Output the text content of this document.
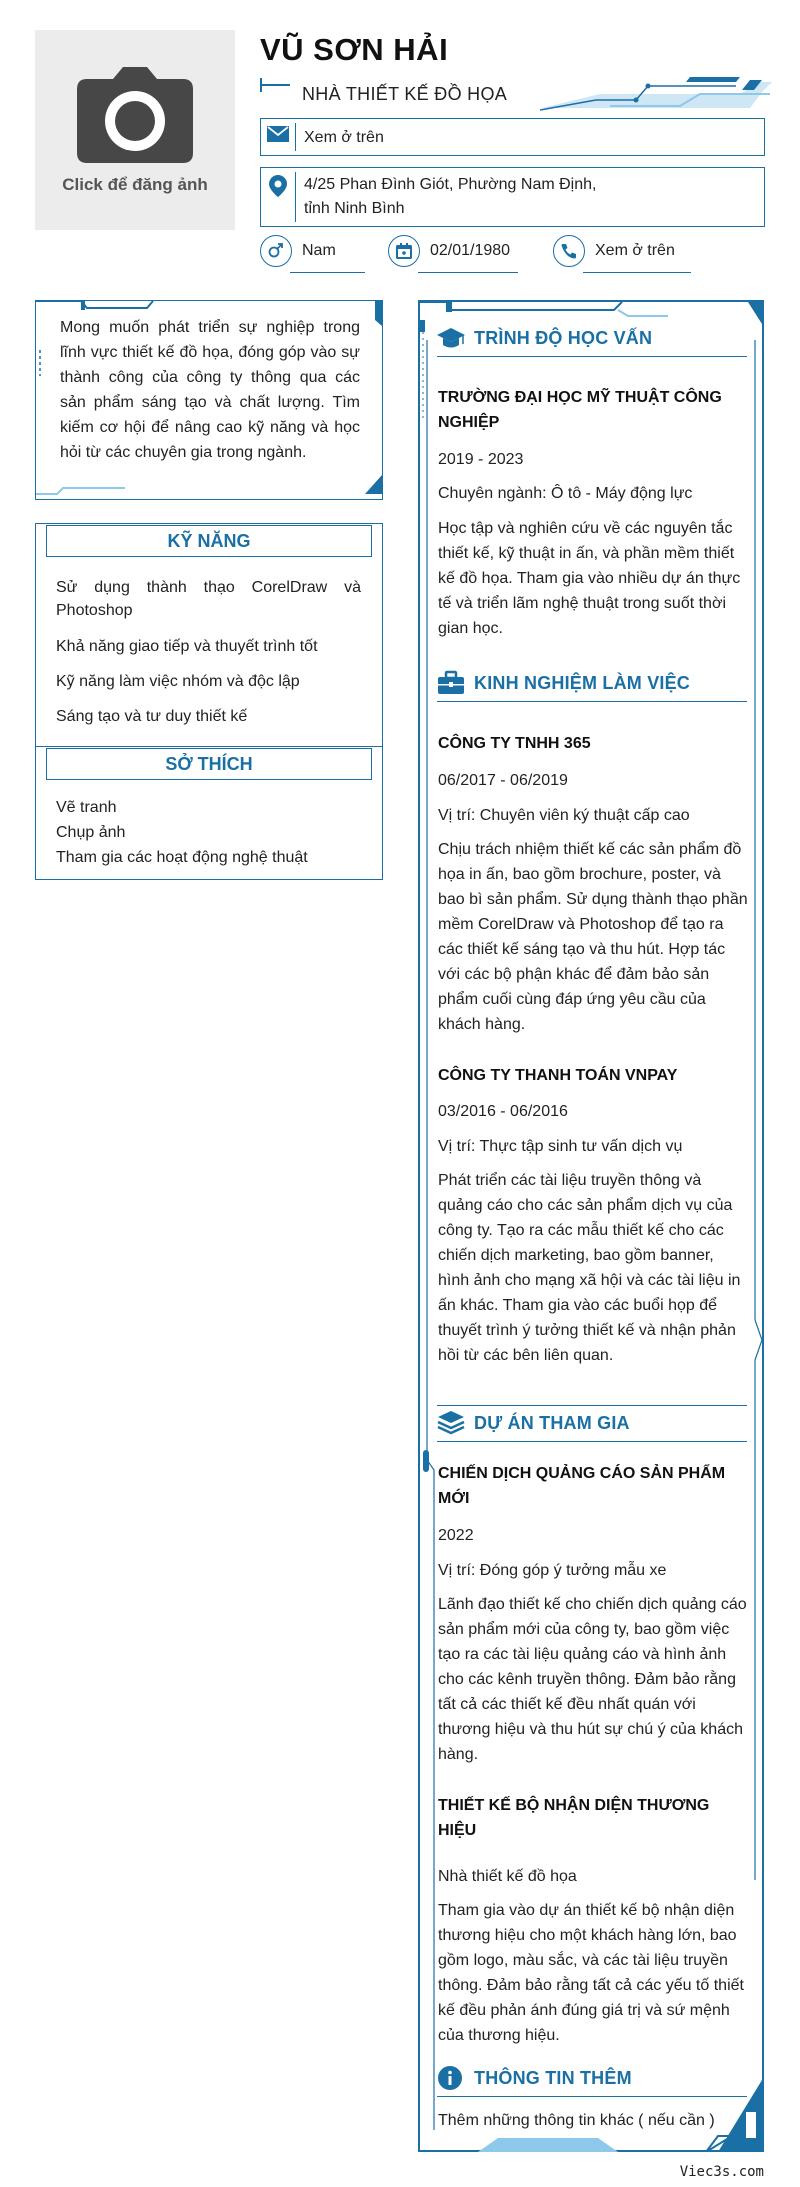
Click để đăng ảnh
VŨ SƠN HẢI
NHÀ THIẾT KẾ ĐỒ HỌA
Xem ở trên
4/25 Phan Đình Giót, Phường Nam Định,
tỉnh Ninh Bình
Nam	02/01/1980	Xem ở trên
Mong muốn phát triển sự nghiệp trong lĩnh vực thiết kế đồ họa, đóng góp vào sự thành công của công ty thông qua các sản phẩm sáng tạo và chất lượng. Tìm kiếm cơ hội để nâng cao kỹ năng và học hỏi từ các chuyên gia trong ngành.
KỸ NĂNG
Sử dụng thành thạo CorelDraw và Photoshop
Khả năng giao tiếp và thuyết trình tốt
Kỹ năng làm việc nhóm và độc lập
Sáng tạo và tư duy thiết kế
SỞ THÍCH
Vẽ tranh
Chụp ảnh
Tham gia các hoạt động nghệ thuật
TRÌNH ĐỘ HỌC VẤN
TRƯỜNG ĐẠI HỌC MỸ THUẬT CÔNG NGHIỆP
2019 - 2023
Chuyên ngành: Ô tô - Máy động lực
Học tập và nghiên cứu về các nguyên tắc thiết kế, kỹ thuật in ấn, và phần mềm thiết kế đồ họa. Tham gia vào nhiều dự án thực tế và triển lãm nghệ thuật trong suốt thời gian học.
KINH NGHIỆM LÀM VIỆC
CÔNG TY TNHH 365
06/2017 - 06/2019
Vị trí: Chuyên viên ký thuật cấp cao
Chịu trách nhiệm thiết kế các sản phẩm đồ họa in ấn, bao gồm brochure, poster, và bao bì sản phẩm. Sử dụng thành thạo phần mềm CorelDraw và Photoshop để tạo ra các thiết kế sáng tạo và thu hút. Hợp tác với các bộ phận khác để đảm bảo sản phẩm cuối cùng đáp ứng yêu cầu của khách hàng.
CÔNG TY THANH TOÁN VNPAY
03/2016 - 06/2016
Vị trí: Thực tập sinh tư vấn dịch vụ
Phát triển các tài liệu truyền thông và quảng cáo cho các sản phẩm dịch vụ của công ty. Tạo ra các mẫu thiết kế cho các chiến dịch marketing, bao gồm banner, hình ảnh cho mạng xã hội và các tài liệu in ấn khác. Tham gia vào các buổi họp để thuyết trình ý tưởng thiết kế và nhận phản hồi từ các bên liên quan.
DỰ ÁN THAM GIA
CHIẾN DỊCH QUẢNG CÁO SẢN PHẨM MỚI
2022
Vị trí: Đóng góp ý tưởng mẫu xe
Lãnh đạo thiết kế cho chiến dịch quảng cáo sản phẩm mới của công ty, bao gồm việc tạo ra các tài liệu quảng cáo và hình ảnh cho các kênh truyền thông. Đảm bảo rằng tất cả các thiết kế đều nhất quán với thương hiệu và thu hút sự chú ý của khách hàng.
THIẾT KẾ BỘ NHẬN DIỆN THƯƠNG HIỆU
Nhà thiết kế đồ họa
Tham gia vào dự án thiết kế bộ nhận diện thương hiệu cho một khách hàng lớn, bao gồm logo, màu sắc, và các tài liệu truyền thông. Đảm bảo rằng tất cả các yếu tố thiết kế đều phản ánh đúng giá trị và sứ mệnh của thương hiệu.
THÔNG TIN THÊM
Thêm những thông tin khác ( nếu cần )
Viec3s.com
